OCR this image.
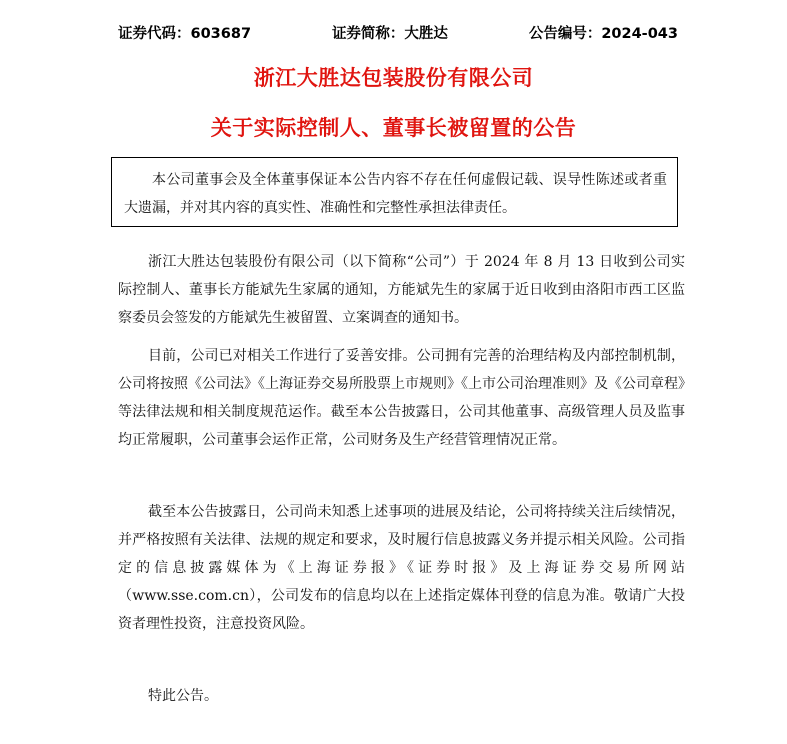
证券代码：603687	证券简称：大胜达	公告编号：2024-043
浙江大胜达包装股份有限公司
关于实际控制人、董事长被留置的公告
本公司董事会及全体董事保证本公告内容不存在任何虚假记载、误导性陈述或者重大遗漏，并对其内容的真实性、准确性和完整性承担法律责任。

浙江大胜达包装股份有限公司（以下简称“公司”）于 2024 年 8 月 13 日收到公司实际控制人、董事长方能斌先生家属的通知，方能斌先生的家属于近日收到由洛阳市西工区监察委员会签发的方能斌先生被留置、立案调查的通知书。

目前，公司已对相关工作进行了妥善安排。公司拥有完善的治理结构及内部控制机制，公司将按照《公司法》《上海证券交易所股票上市规则》《上市公司治理准则》及《公司章程》等法律法规和相关制度规范运作。截至本公告披露日，公司其他董事、高级管理人员及监事均正常履职，公司董事会运作正常，公司财务及生产经营管理情况正常。

截至本公告披露日，公司尚未知悉上述事项的进展及结论，公司将持续关注后续情况，并严格按照有关法律、法规的规定和要求，及时履行信息披露义务并提示相关风险。公司指定的信息披露媒体为《上海证券报》《证券时报》及上海证券交易所网站（www.sse.com.cn），公司发布的信息均以在上述指定媒体刊登的信息为准。敬请广大投资者理性投资，注意投资风险。

特此公告。
